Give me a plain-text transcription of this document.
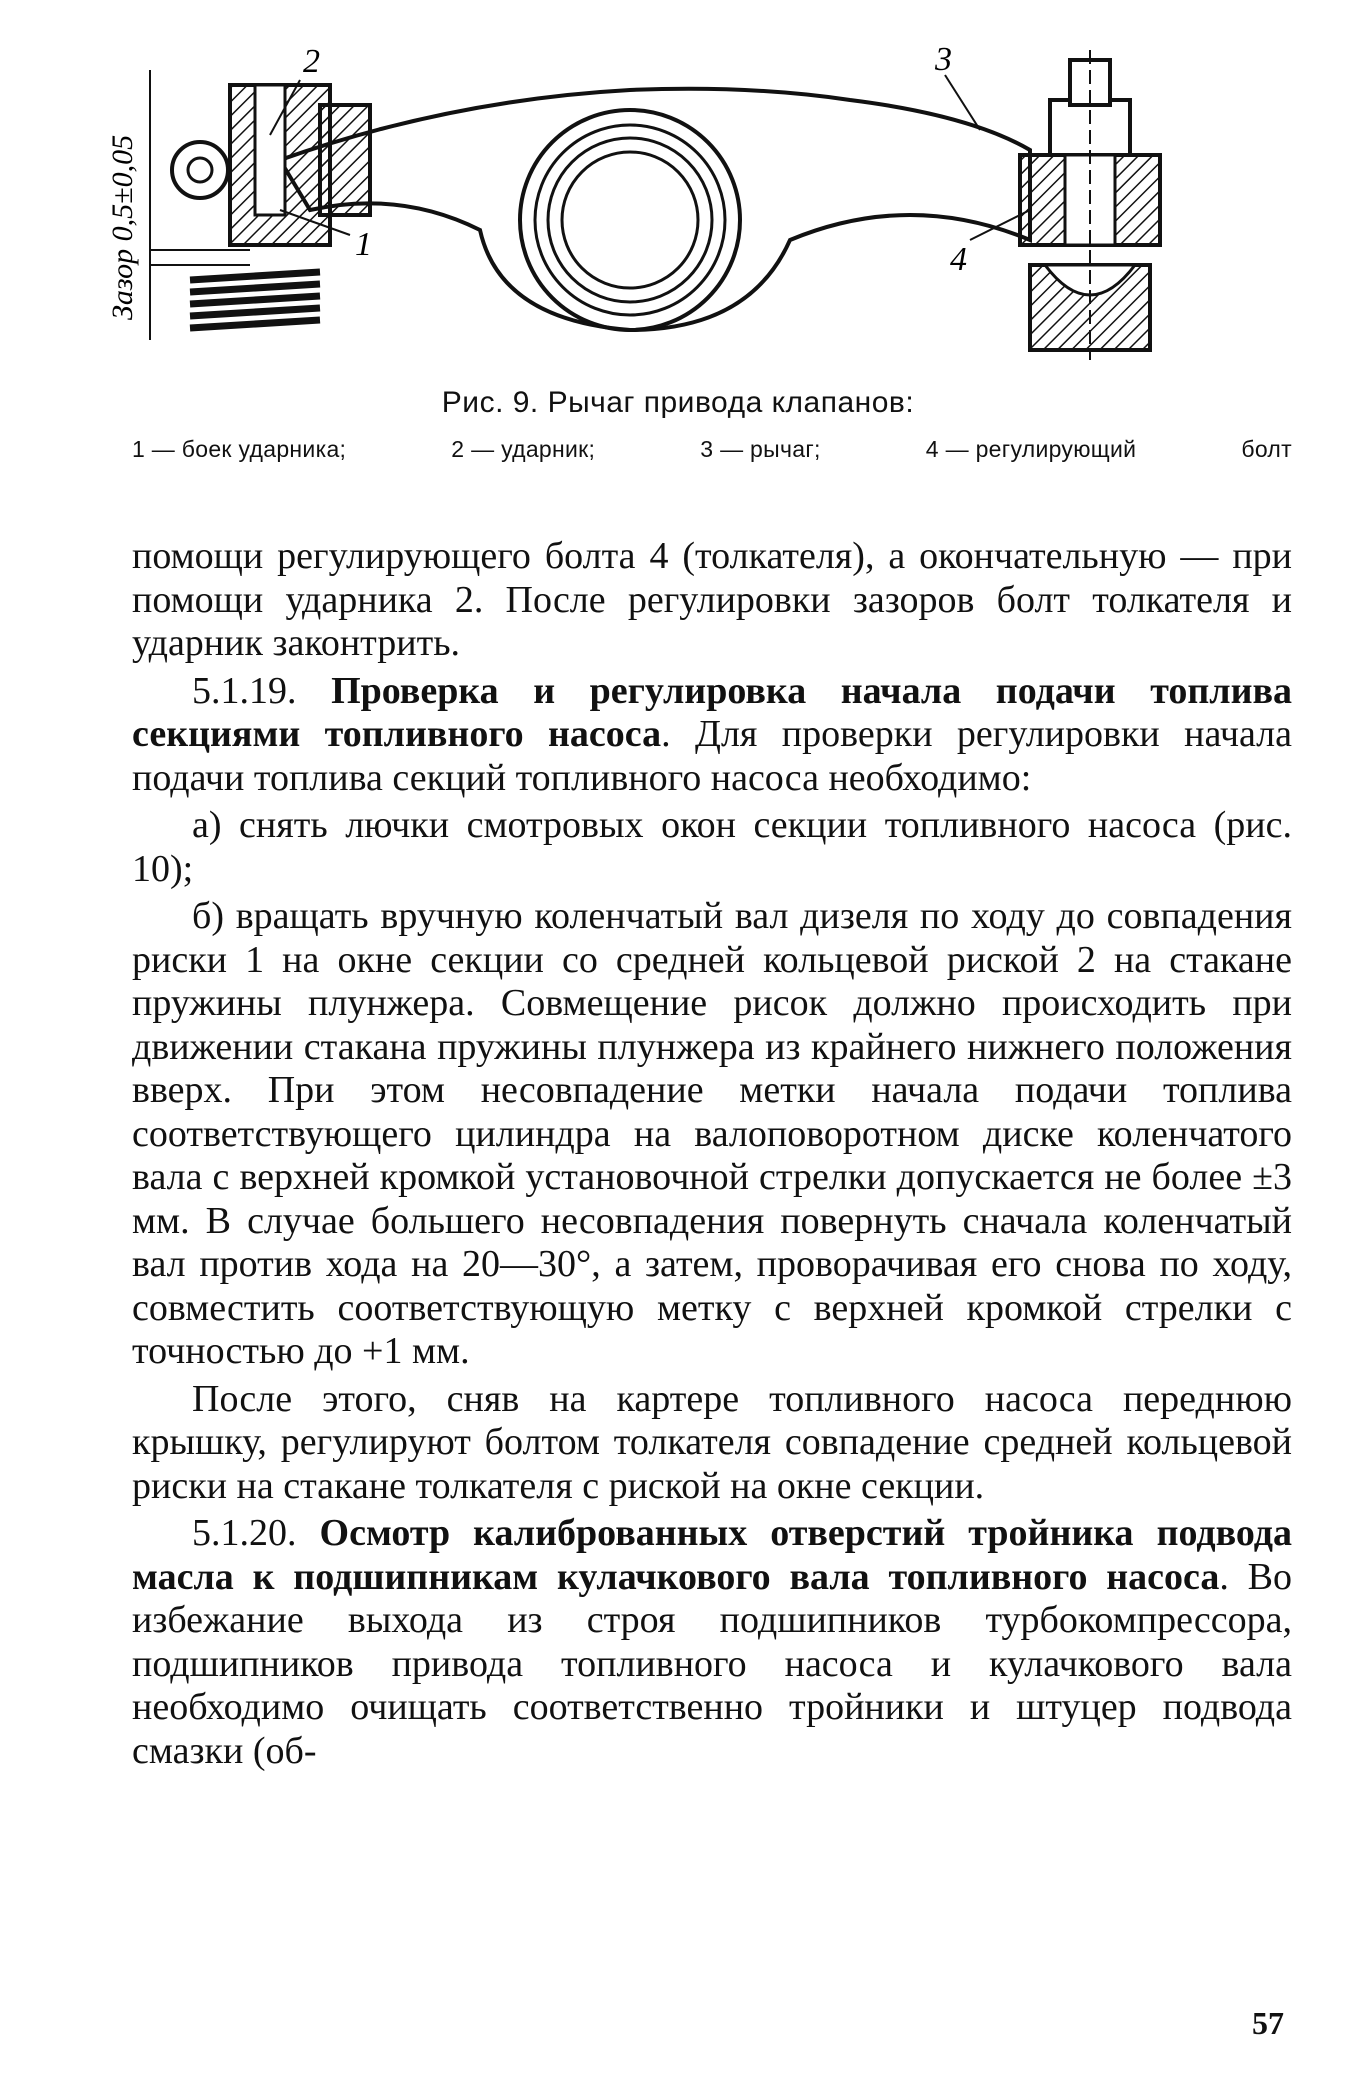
2	3
1	4
Зазор 0,5±0,05
Рис. 9. Рычаг привода клапанов:
1 — боек ударника;	2 — ударник;	3 — рычаг;	4 — регулирующий	болт

помощи регулирующего болта 4 (толкателя), а окончательную — при помощи ударника 2. После регулировки зазоров болт толкателя и ударник законтрить.

5.1.19. Проверка и регулировка начала подачи топлива секциями топливного насоса. Для проверки регулировки начала подачи топлива секций топливного насоса необходимо:

а) снять лючки смотровых окон секции топливного насоса (рис. 10);

б) вращать вручную коленчатый вал дизеля по ходу до совпадения риски 1 на окне секции со средней кольцевой риской 2 на стакане пружины плунжера. Совмещение рисок должно происходить при движении стакана пружины плунжера из крайнего нижнего положения вверх. При этом несовпадение метки начала подачи топлива соответствующего цилиндра на валоповоротном диске коленчатого вала с верхней кромкой установочной стрелки допускается не более ±3 мм. В случае большего несовпадения повернуть сначала коленчатый вал против хода на 20—30°, а затем, проворачивая его снова по ходу, совместить соответствующую метку с верхней кромкой стрелки с точностью до +1 мм.

После этого, сняв на картере топливного насоса переднюю крышку, регулируют болтом толкателя совпадение средней кольцевой риски на стакане толкателя с риской на окне секции.

5.1.20. Осмотр калиброванных отверстий тройника подвода масла к подшипникам кулачкового вала топливного насоса. Во избежание выхода из строя подшипников турбокомпрессора, подшипников привода топливного насоса и кулачкового вала необходимо очищать соответственно тройники и штуцер подвода смазки (об-

57
